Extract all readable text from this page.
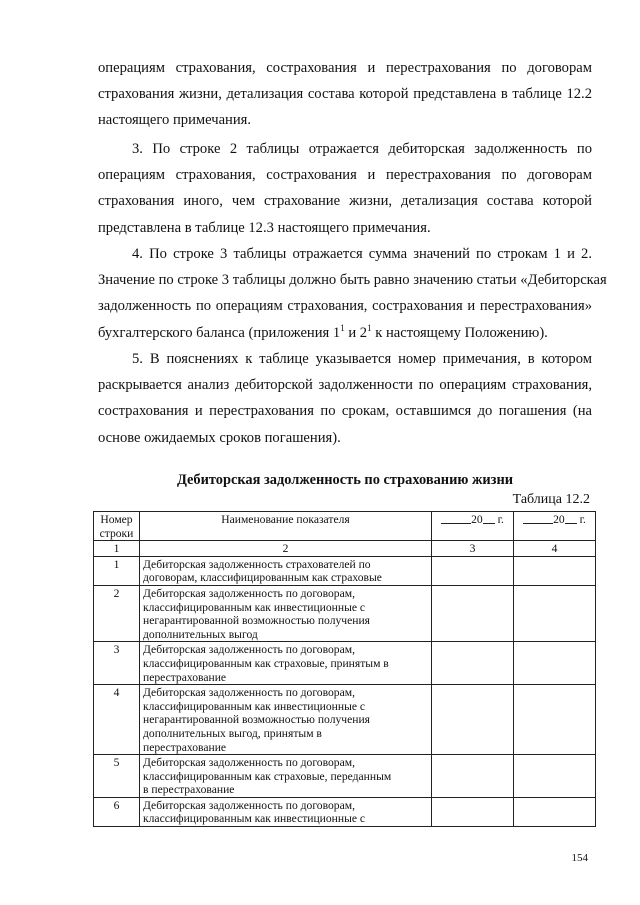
операциям страхования, сострахования и перестрахования по договорам
страхования жизни, детализация состава которой представлена в таблице 12.2
настоящего примечания.
3. По строке 2 таблицы отражается дебиторская задолженность по
операциям страхования, сострахования и перестрахования по договорам
страхования иного, чем страхование жизни, детализация состава которой
представлена в таблице 12.3 настоящего примечания.
4. По строке 3 таблицы отражается сумма значений по строкам 1 и 2.
Значение по строке 3 таблицы должно быть равно значению статьи «Дебиторская
задолженность по операциям страхования, сострахования и перестрахования»
бухгалтерского баланса (приложения $1^1$ и $2^1$ к настоящему Положению).
5. В пояснениях к таблице указывается номер примечания, в котором
раскрывается анализ дебиторской задолженности по операциям страхования,
сострахования и перестрахования по срокам, оставшимся до погашения (на
основе ожидаемых сроков погашения).
Дебиторская задолженность по страхованию жизни
Таблица 12.2
Номер
строки	Наименование показателя	20 г.	20 г.
1	2	3	4
1	Дебиторская задолженность страхователей по
договорам, классифицированным как страховые		

2	Дебиторская задолженность по договорам,
классифицированным как инвестиционные с
негарантированной возможностью получения
дополнительных выгод		

3	Дебиторская задолженность по договорам,
классифицированным как страховые, принятым в
перестрахование		

4	Дебиторская задолженность по договорам,
классифицированным как инвестиционные с
негарантированной возможностью получения
дополнительных выгод, принятым в
перестрахование		

5	Дебиторская задолженность по договорам,
классифицированным как страховые, переданным
в перестрахование		

6	Дебиторская задолженность по договорам,
классифицированным как инвестиционные с		

154
